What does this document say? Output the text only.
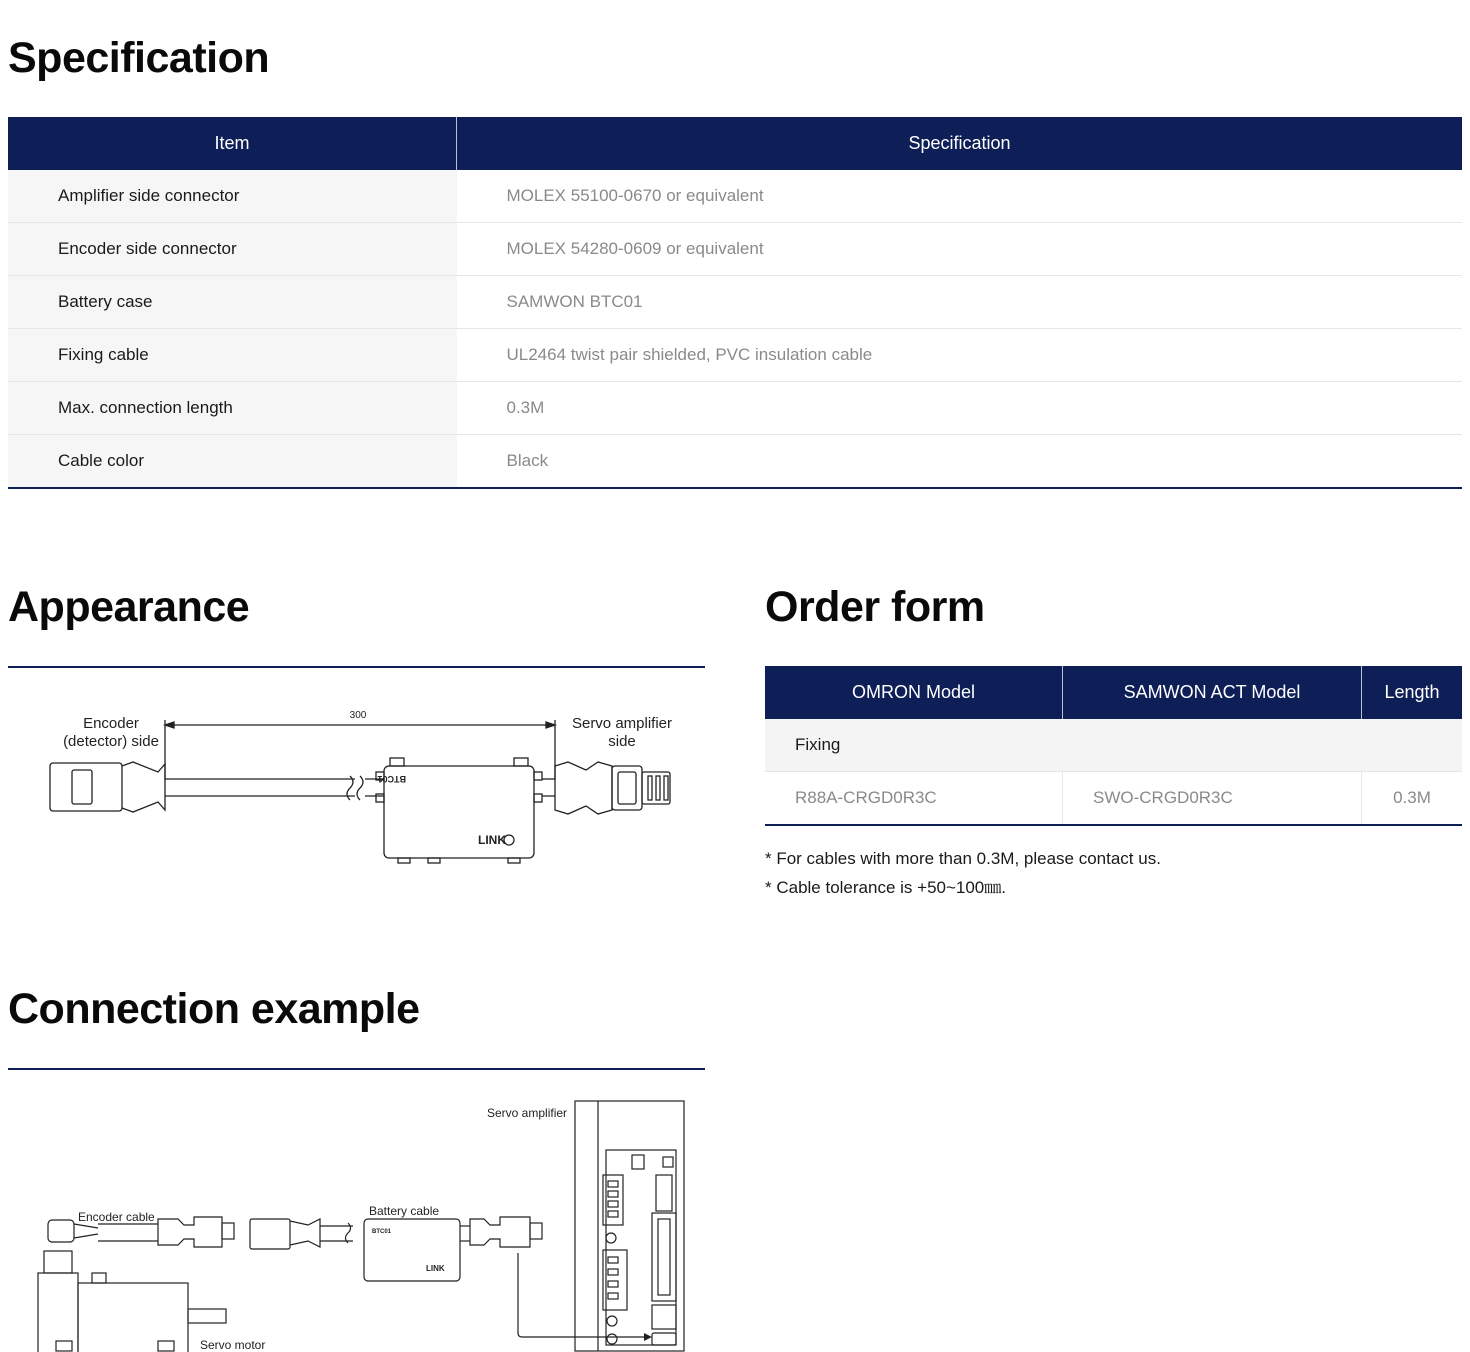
Specification
Item	Specification
Amplifier side connector	MOLEX 55100-0670 or equivalent
Encoder side connector	MOLEX 54280-0609 or equivalent
Battery case	SAMWON BTC01
Fixing cable	UL2464 twist pair shielded, PVC insulation cable
Max. connection length	0.3M
Cable color	Black
Appearance
300
Encoder
(detector) side
Servo amplifier
side
BTC01
LINK
Order form
OMRON Model	SAMWON ACT Model	Length
Fixing		
R88A-CRGD0R3C	SWO-CRGD0R3C	0.3M
* For cables with more than 0.3M, please contact us.
* Cable tolerance is +50~100㎜.
Connection example
Servo amplifier
Encoder cable	Battery cable
Servo motor
BTC01
LINK
